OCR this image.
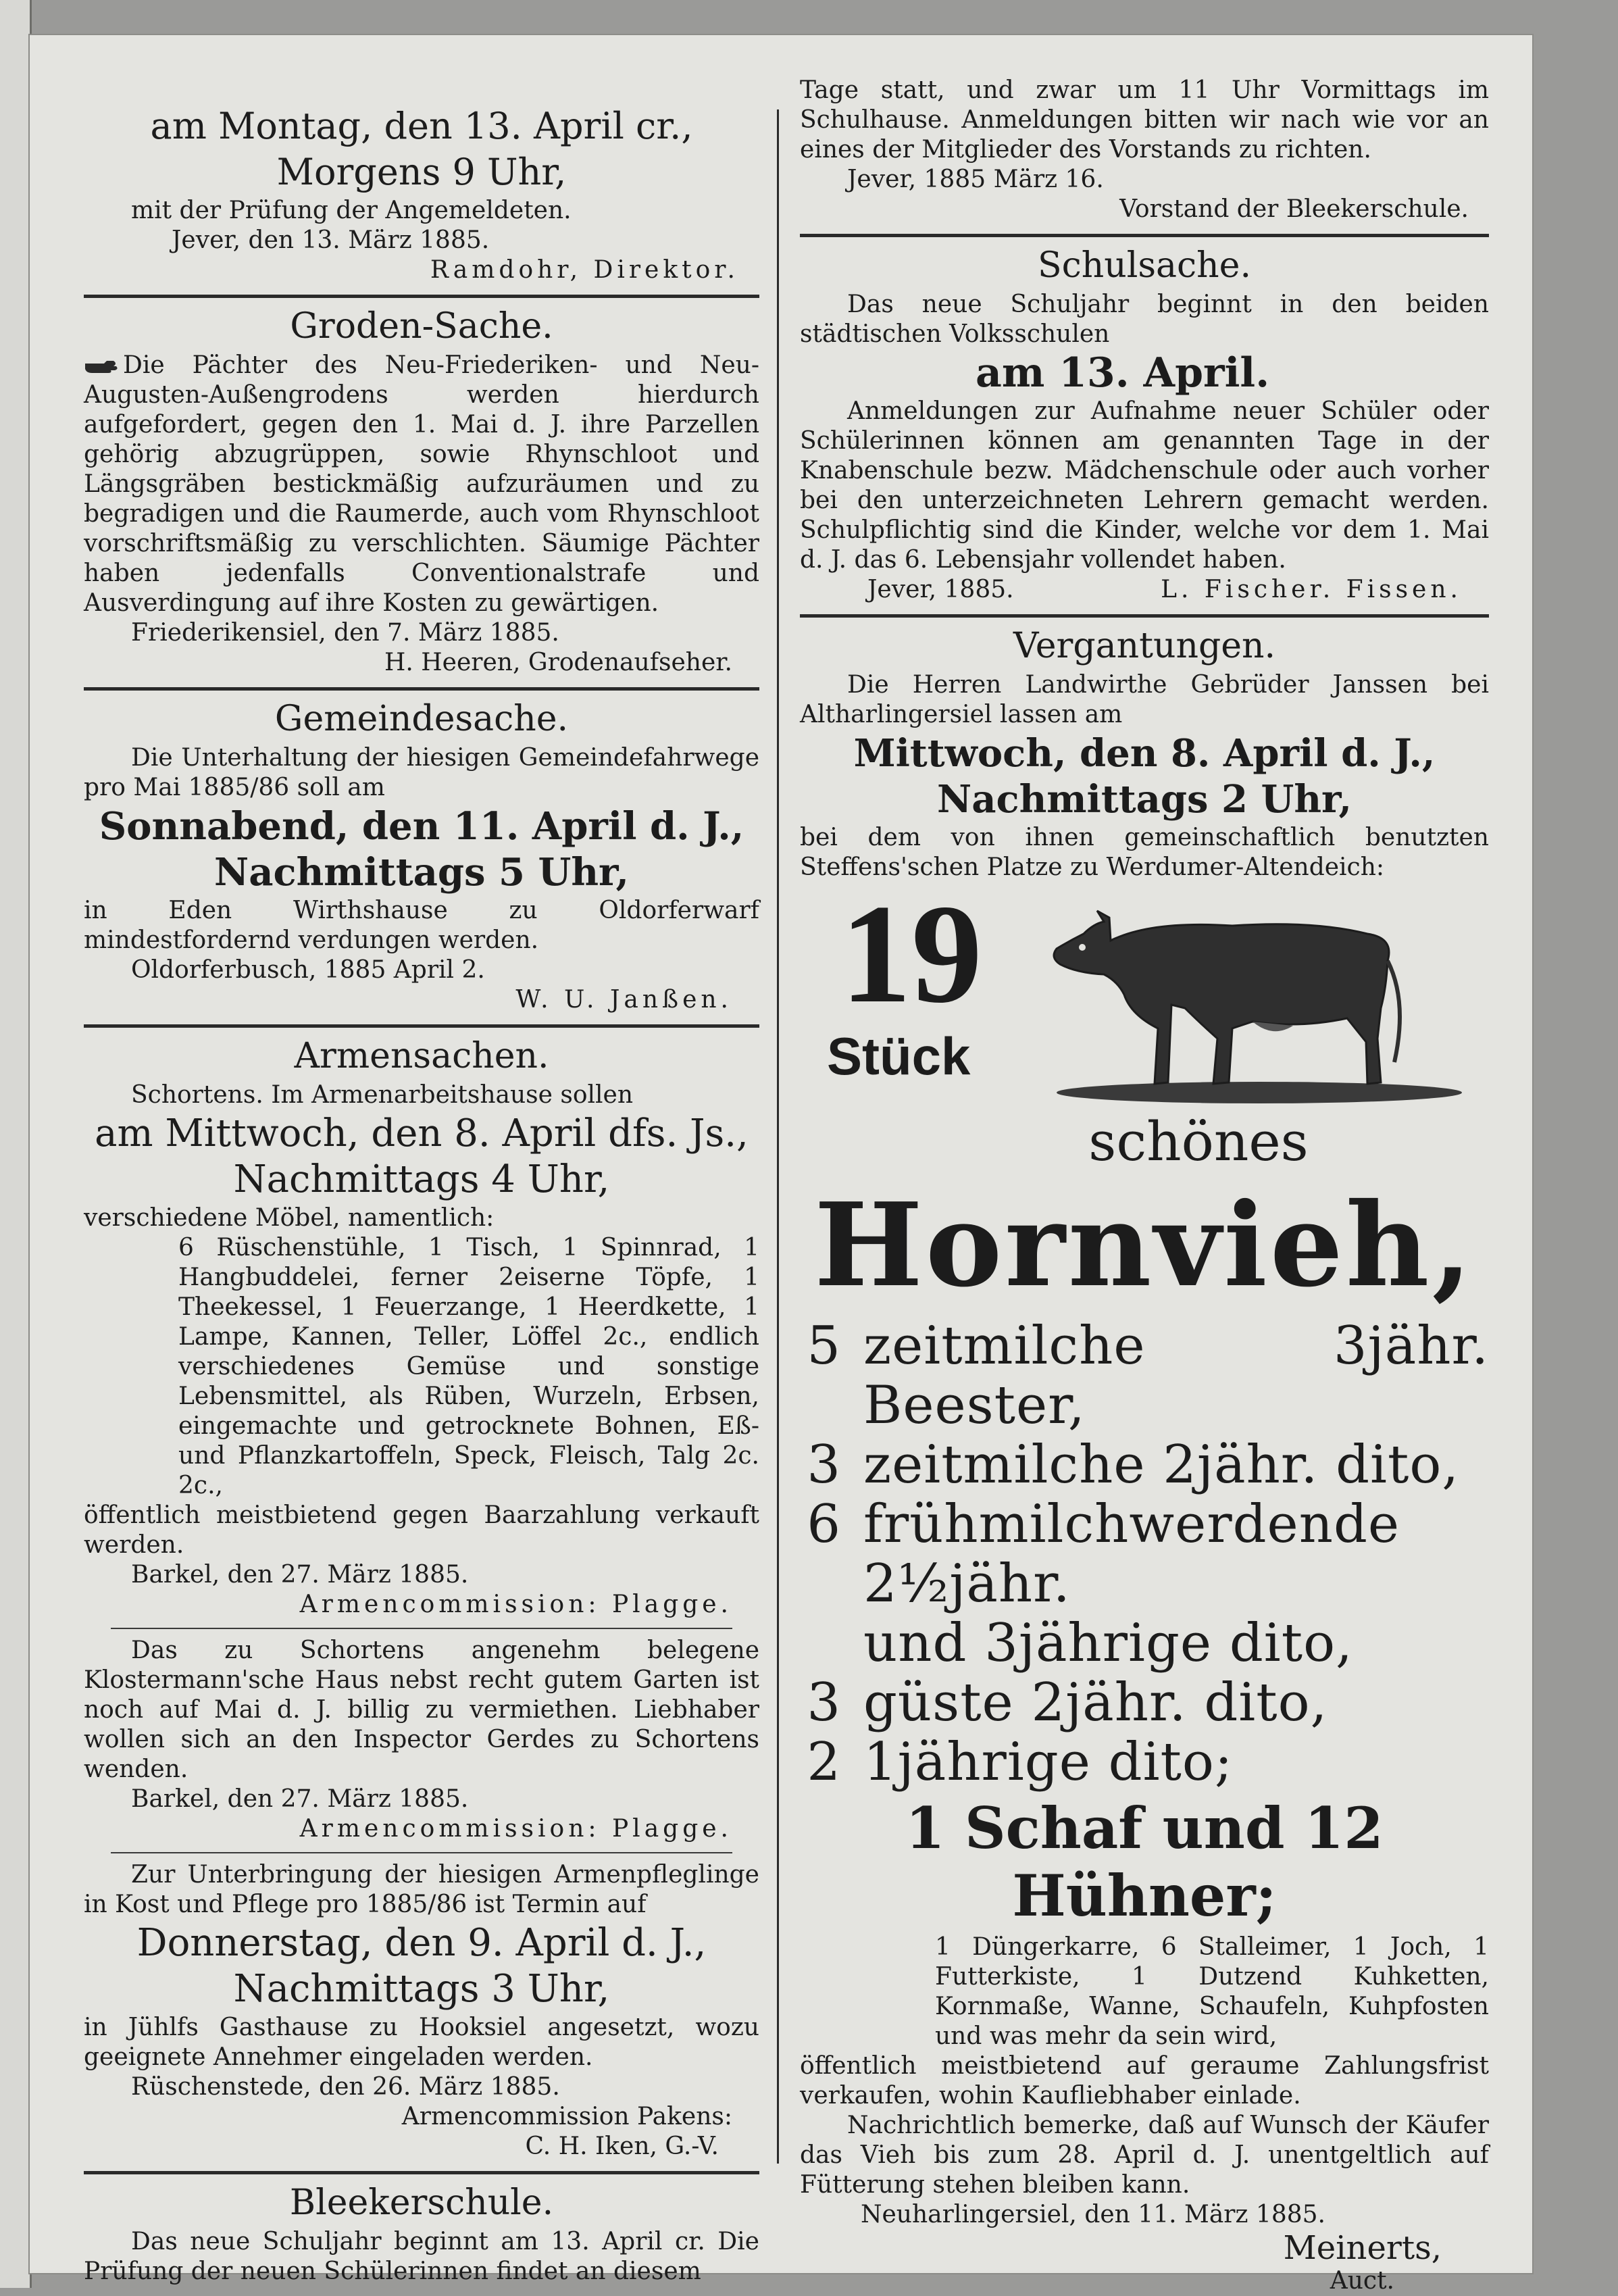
am Montag, den 13. April cr.,

Morgens 9 Uhr,

mit der Prüfung der Angemeldeten.

Jever, den 13. März 1885.

Ramdohr, Direktor.

Groden-Sache.

Die Pächter des Neu-Friederiken- und Neu-Augusten-Außengrodens werden hierdurch aufgefordert, gegen den 1. Mai d. J. ihre Parzellen gehörig abzugrüppen, sowie Rhynschloot und Längsgräben bestickmäßig aufzuräumen und zu begradigen und die Raumerde, auch vom Rhynschloot vorschriftsmäßig zu verschlichten. Säumige Pächter haben jedenfalls Conventionalstrafe und Ausverdingung auf ihre Kosten zu gewärtigen.

Friederikensiel, den 7. März 1885.

H. Heeren, Grodenaufseher.

Gemeindesache.

Die Unterhaltung der hiesigen Gemeindefahrwege pro Mai 1885/86 soll am

Sonnabend, den 11. April d. J.,

Nachmittags 5 Uhr,

in Eden Wirthshause zu Oldorferwarf mindestfordernd verdungen werden.

Oldorferbusch, 1885 April 2.

W. U. Janßen.

Armensachen.

Schortens. Im Armenarbeitshause sollen

am Mittwoch, den 8. April dfs. Js.,

Nachmittags 4 Uhr,

verschiedene Möbel, namentlich:

6 Rüschenstühle, 1 Tisch, 1 Spinnrad, 1 Hangbuddelei, ferner 2eiserne Töpfe, 1 Theekessel, 1 Feuerzange, 1 Heerdkette, 1 Lampe, Kannen, Teller, Löffel 2c., endlich verschiedenes Gemüse und sonstige Lebensmittel, als Rüben, Wurzeln, Erbsen, eingemachte und getrocknete Bohnen, Eß- und Pflanzkartoffeln, Speck, Fleisch, Talg 2c. 2c.,

öffentlich meistbietend gegen Baarzahlung verkauft werden.

Barkel, den 27. März 1885.

Armencommission: Plagge.

Das zu Schortens angenehm belegene Klostermann'sche Haus nebst recht gutem Garten ist noch auf Mai d. J. billig zu vermiethen. Liebhaber wollen sich an den Inspector Gerdes zu Schortens wenden.

Barkel, den 27. März 1885.

Armencommission: Plagge.

Zur Unterbringung der hiesigen Armenpfleglinge in Kost und Pflege pro 1885/86 ist Termin auf

Donnerstag, den 9. April d. J.,

Nachmittags 3 Uhr,

in Jühlfs Gasthause zu Hooksiel angesetzt, wozu geeignete Annehmer eingeladen werden.

Rüschenstede, den 26. März 1885.

Armencommission Pakens:

C. H. Iken, G.-V.

Bleekerschule.

Das neue Schuljahr beginnt am 13. April cr. Die Prüfung der neuen Schülerinnen findet an diesem

Tage statt, und zwar um 11 Uhr Vormittags im Schulhause. Anmeldungen bitten wir nach wie vor an eines der Mitglieder des Vorstands zu richten.

Jever, 1885 März 16.

Vorstand der Bleekerschule.

Schulsache.

Das neue Schuljahr beginnt in den beiden städtischen Volksschulen

am 13. April.

Anmeldungen zur Aufnahme neuer Schüler oder Schülerinnen können am genannten Tage in der Knabenschule bezw. Mädchenschule oder auch vorher bei den unterzeichneten Lehrern gemacht werden. Schulpflichtig sind die Kinder, welche vor dem 1. Mai d. J. das 6. Lebensjahr vollendet haben.

Jever, 1885.	L. Fischer. Fissen.

Vergantungen.

Die Herren Landwirthe Gebrüder Janssen bei Altharlingersiel lassen am

Mittwoch, den 8. April d. J.,

Nachmittags 2 Uhr,

bei dem von ihnen gemeinschaftlich benutzten Steffens'schen Platze zu Werdumer-Altendeich:

19
Stück

schönes

Hornvieh,

5 zeitmilche 3jähr. Beester,
3 zeitmilche 2jähr. dito,
6 frühmilchwerdende 2½jähr.
und 3jährige dito,
3 güste 2jähr. dito,
2 1jährige dito;

1 Schaf und 12 Hühner;

1 Düngerkarre, 6 Stalleimer, 1 Joch, 1 Futterkiste, 1 Dutzend Kuhketten, Kornmaße, Wanne, Schaufeln, Kuhpfosten und was mehr da sein wird,

öffentlich meistbietend auf geraume Zahlungsfrist verkaufen, wohin Kaufliebhaber einlade.

Nachrichtlich bemerke, daß auf Wunsch der Käufer das Vieh bis zum 28. April d. J. unentgeltlich auf Fütterung stehen bleiben kann.

Neuharlingersiel, den 11. März 1885.

Meinerts,

Auct.
